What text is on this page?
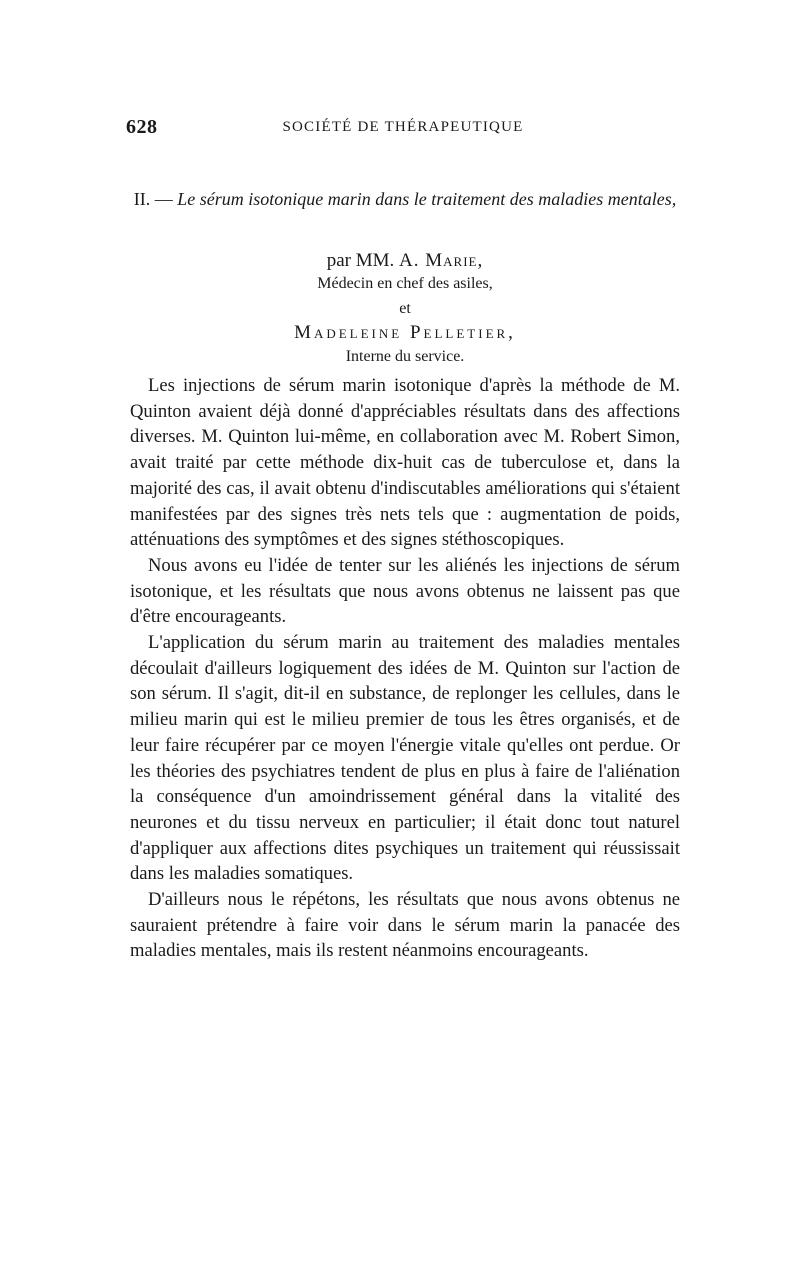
628	SOCIÉTÉ DE THÉRAPEUTIQUE
II. — Le sérum isotonique marin dans le traitement des maladies mentales,
par MM. A. Marie,
Médecin en chef des asiles,
et
Madeleine Pelletier,
Interne du service.

Les injections de sérum marin isotonique d'après la méthode de M. Quinton avaient déjà donné d'appréciables résultats dans des affections diverses. M. Quinton lui-même, en collaboration avec M. Robert Simon, avait traité par cette méthode dix-huit cas de tuberculose et, dans la majorité des cas, il avait obtenu d'indiscutables améliorations qui s'étaient manifestées par des signes très nets tels que : augmentation de poids, atténuations des symptômes et des signes stéthoscopiques.

Nous avons eu l'idée de tenter sur les aliénés les injections de sérum isotonique, et les résultats que nous avons obtenus ne laissent pas que d'être encourageants.

L'application du sérum marin au traitement des maladies mentales découlait d'ailleurs logiquement des idées de M. Quinton sur l'action de son sérum. Il s'agit, dit-il en substance, de replonger les cellules, dans le milieu marin qui est le milieu premier de tous les êtres organisés, et de leur faire récupérer par ce moyen l'énergie vitale qu'elles ont perdue. Or les théories des psychiatres tendent de plus en plus à faire de l'aliénation la conséquence d'un amoindrissement général dans la vitalité des neurones et du tissu nerveux en particulier; il était donc tout naturel d'appliquer aux affections dites psychiques un traitement qui réussissait dans les maladies somatiques.

D'ailleurs nous le répétons, les résultats que nous avons obtenus ne sauraient prétendre à faire voir dans le sérum marin la panacée des maladies mentales, mais ils restent néanmoins encourageants.
